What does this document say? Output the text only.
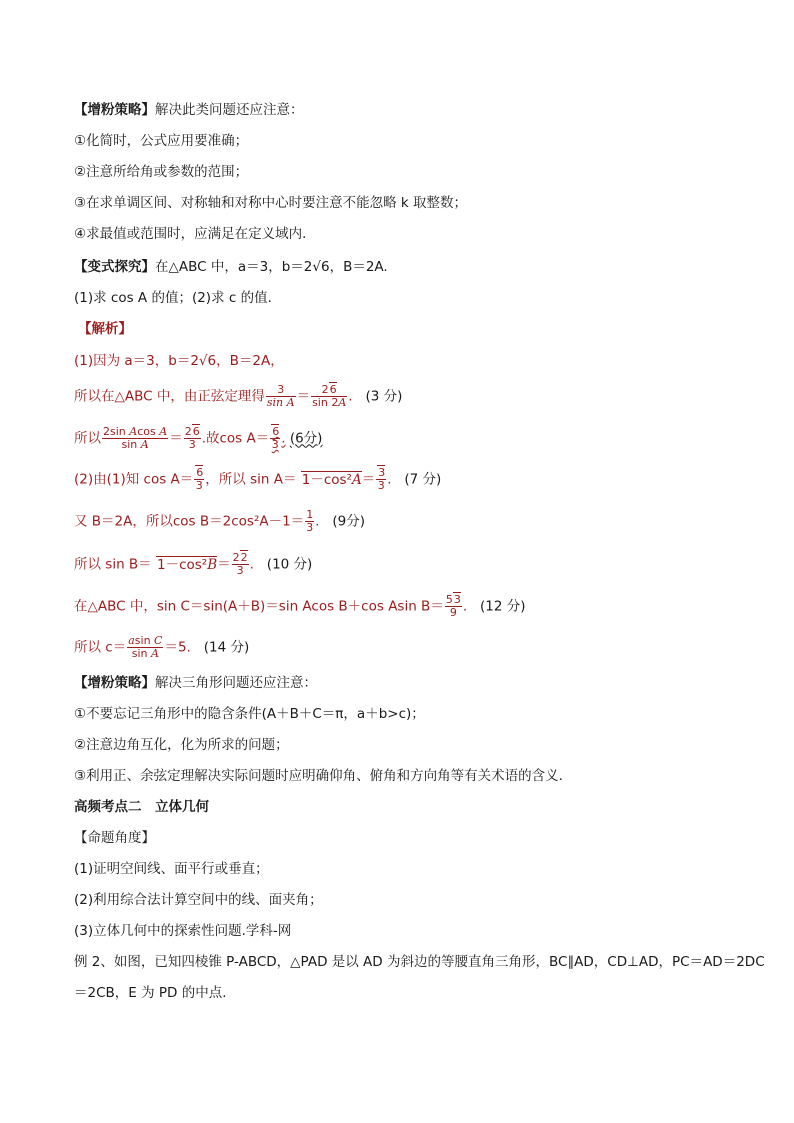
【增粉策略】解决此类问题还应注意：
①化简时，公式应用要准确；
②注意所给角或参数的范围；
③在求单调区间、对称轴和对称中心时要注意不能忽略 k 取整数；
④求最值或范围时，应满足在定义域内．
【变式探究】在△ABC 中，a＝3，b＝2√6，B＝2A.
(1)求 cos A 的值；(2)求 c 的值．
【解析】
(1)因为 a＝3，b＝2√6，B＝2A，
所以在△ABC 中，由正弦定理得 $\frac{3}{\text{sin A}} = \frac{26}{\sin 2A}$ .   (3 分)
所以 $\frac{\text{2sin Acos A}}{\text{sin A}} = \frac{26}{3}$ .故$\cos A= \frac{6}{3}$ . (6分)
(2)由(1)知 $\cos A= \frac{6}{3}$ ，所以 $\sin A= 1-\cos^2A= \frac{3}{3}$ .   (7 分)
又 B＝2A，所以$\cos B=2\cos^2A-1= \frac{1}{3}$ .   (9分)
所以 $\sin B= 1-\cos^2B= \frac{22}{3}$ .   (10 分)
在△ABC 中，sin C＝sin(A＋B)＝sin Acos B＋cos Asin $B= \frac{53}{9}$ .   (12 分)
所以 $c= \frac{\text{asin C}}{\text{sin A}} =5$. (14 分)
【增粉策略】解决三角形问题还应注意：
①不要忘记三角形中的隐含条件(A＋B＋C＝π，a＋b>c)；
②注意边角互化，化为所求的问题；
③利用正、余弦定理解决实际问题时应明确仰角、俯角和方向角等有关术语的含义．
高频考点二　立体几何
【命题角度】
(1)证明空间线、面平行或垂直；
(2)利用综合法计算空间中的线、面夹角；
(3)立体几何中的探索性问题.学科-网
例 2、如图，已知四棱锥 P-ABCD，△PAD 是以 AD 为斜边的等腰直角三角形，BC∥AD，CD⊥AD，PC＝AD＝2DC
＝2CB，E 为 PD 的中点．
